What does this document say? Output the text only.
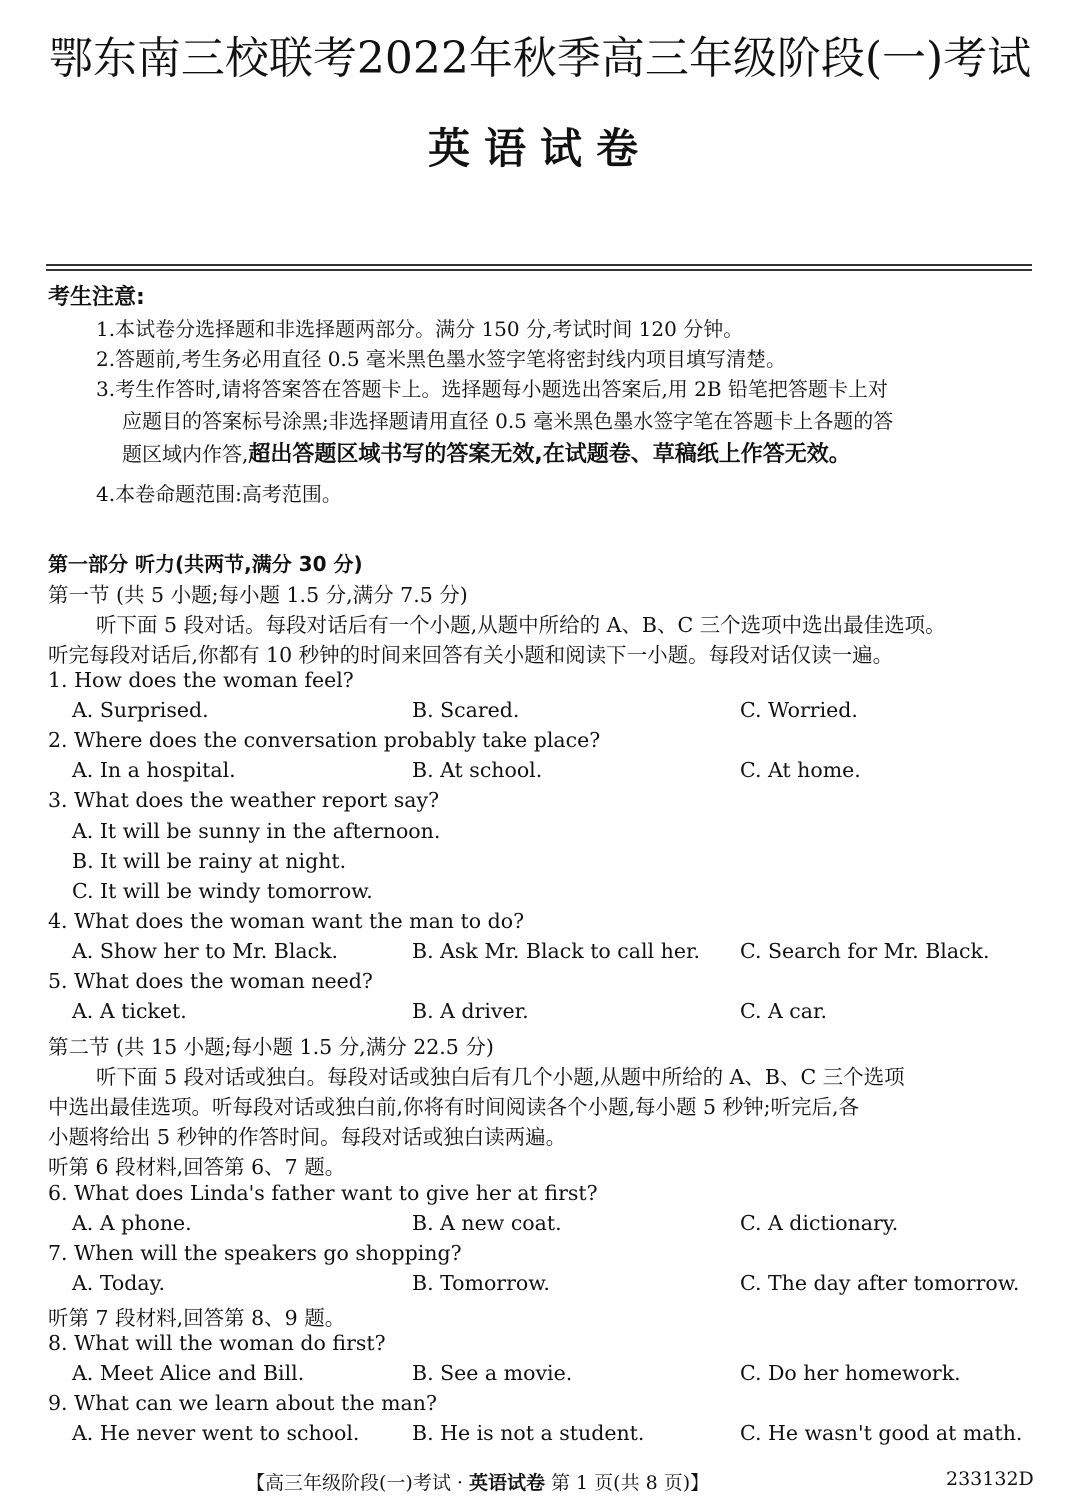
鄂东南三校联考2022年秋季高三年级阶段(一)考试
英语试卷
考生注意:
1.本试卷分选择题和非选择题两部分。满分 150 分,考试时间 120 分钟。
2.答题前,考生务必用直径 0.5 毫米黑色墨水签字笔将密封线内项目填写清楚。
3.考生作答时,请将答案答在答题卡上。选择题每小题选出答案后,用 2B 铅笔把答题卡上对
应题目的答案标号涂黑;非选择题请用直径 0.5 毫米黑色墨水签字笔在答题卡上各题的答
题区域内作答,超出答题区域书写的答案无效,在试题卷、草稿纸上作答无效。
4.本卷命题范围:高考范围。
第一部分 听力(共两节,满分 30 分)
第一节 (共 5 小题;每小题 1.5 分,满分 7.5 分)
听下面 5 段对话。每段对话后有一个小题,从题中所给的 A、B、C 三个选项中选出最佳选项。
听完每段对话后,你都有 10 秒钟的时间来回答有关小题和阅读下一小题。每段对话仅读一遍。
1. How does the woman feel?
A. Surprised.	B. Scared.	C. Worried.
2. Where does the conversation probably take place?
A. In a hospital.	B. At school.	C. At home.
3. What does the weather report say?
A. It will be sunny in the afternoon.
B. It will be rainy at night.
C. It will be windy tomorrow.
4. What does the woman want the man to do?
A. Show her to Mr. Black.	B. Ask Mr. Black to call her. C. Search for Mr. Black.
5. What does the woman need?
A. A ticket.	B. A driver.	C. A car.
第二节 (共 15 小题;每小题 1.5 分,满分 22.5 分)
听下面 5 段对话或独白。每段对话或独白后有几个小题,从题中所给的 A、B、C 三个选项
中选出最佳选项。听每段对话或独白前,你将有时间阅读各个小题,每小题 5 秒钟;听完后,各
小题将给出 5 秒钟的作答时间。每段对话或独白读两遍。
听第 6 段材料,回答第 6、7 题。
6. What does Linda's father want to give her at first?
A. A phone.	B. A new coat.	C. A dictionary.
7. When will the speakers go shopping?
A. Today.	B. Tomorrow.	C. The day after tomorrow.
听第 7 段材料,回答第 8、9 题。
8. What will the woman do first?
A. Meet Alice and Bill.	B. See a movie.	C. Do her homework.
9. What can we learn about the man?
A. He never went to school.	B. He is not a student.	C. He wasn't good at math.
【高三年级阶段(一)考试 · 英语试卷 第 1 页(共 8 页)】	233132D
